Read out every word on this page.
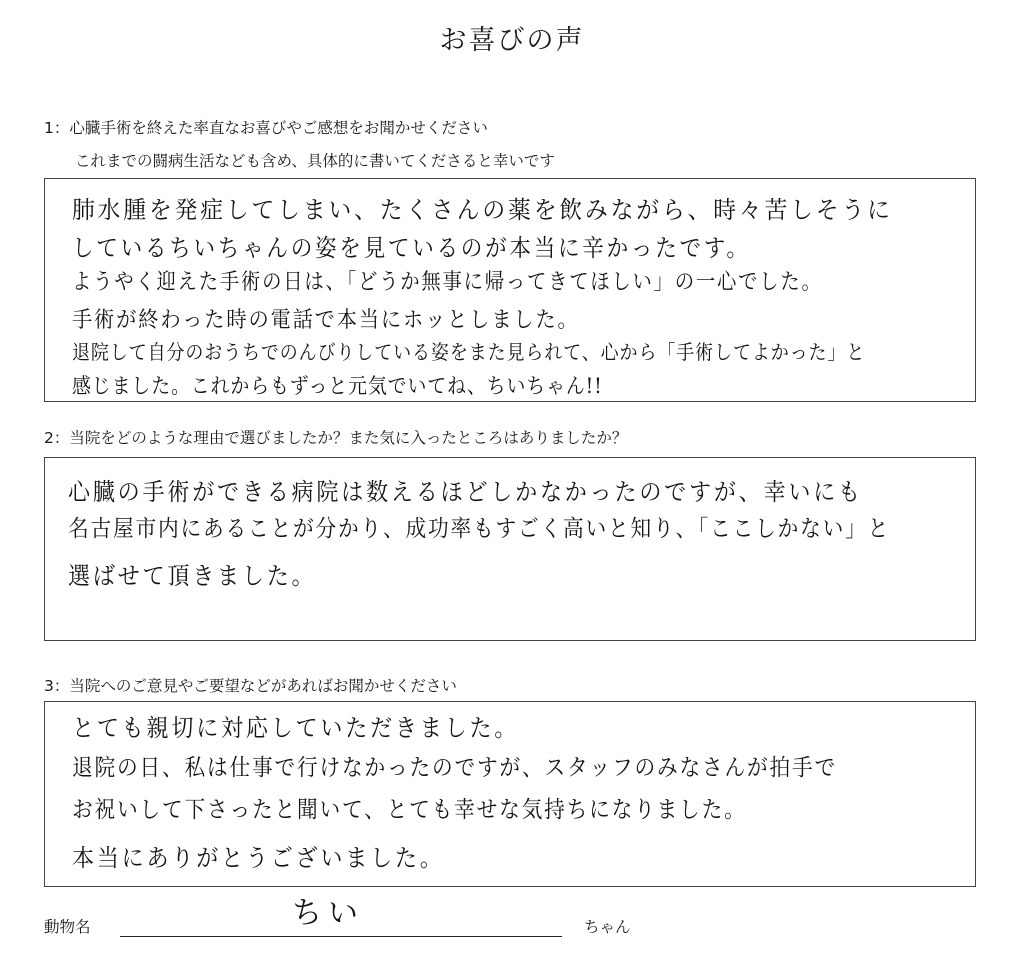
お喜びの声
1：心臓手術を終えた率直なお喜びやご感想をお聞かせください
これまでの闘病生活なども含め、具体的に書いてくださると幸いです
肺水腫を発症してしまい、たくさんの薬を飲みながら、時々苦しそうに
しているちいちゃんの姿を見ているのが本当に辛かったです。
ようやく迎えた手術の日は、「どうか無事に帰ってきてほしい」の一心でした。
手術が終わった時の電話で本当にホッとしました。
退院して自分のおうちでのんびりしている姿をまた見られて、心から「手術してよかった」と
感じました。これからもずっと元気でいてね、ちいちゃん!!
2：当院をどのような理由で選びましたか？また気に入ったところはありましたか？
心臓の手術ができる病院は数えるほどしかなかったのですが、幸いにも
名古屋市内にあることが分かり、成功率もすごく高いと知り、「ここしかない」と
選ばせて頂きました。
3：当院へのご意見やご要望などがあればお聞かせください
とても親切に対応していただきました。
退院の日、私は仕事で行けなかったのですが、スタッフのみなさんが拍手で
お祝いして下さったと聞いて、とても幸せな気持ちになりました。
本当にありがとうございました。
動物名	ちい	ちゃん
